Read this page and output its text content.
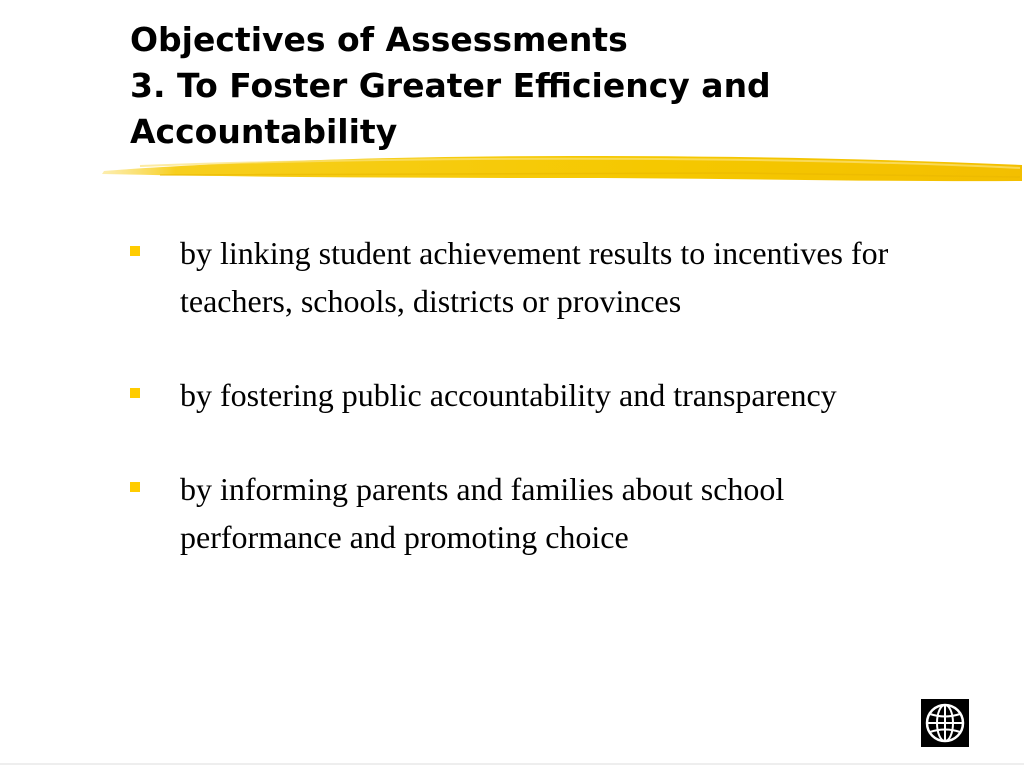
Objectives of Assessments
3. To Foster Greater Efficiency and
Accountability
by linking student achievement results to incentives for teachers, schools, districts or provinces
by fostering public accountability and transparency
by informing parents and families about school performance and promoting choice
